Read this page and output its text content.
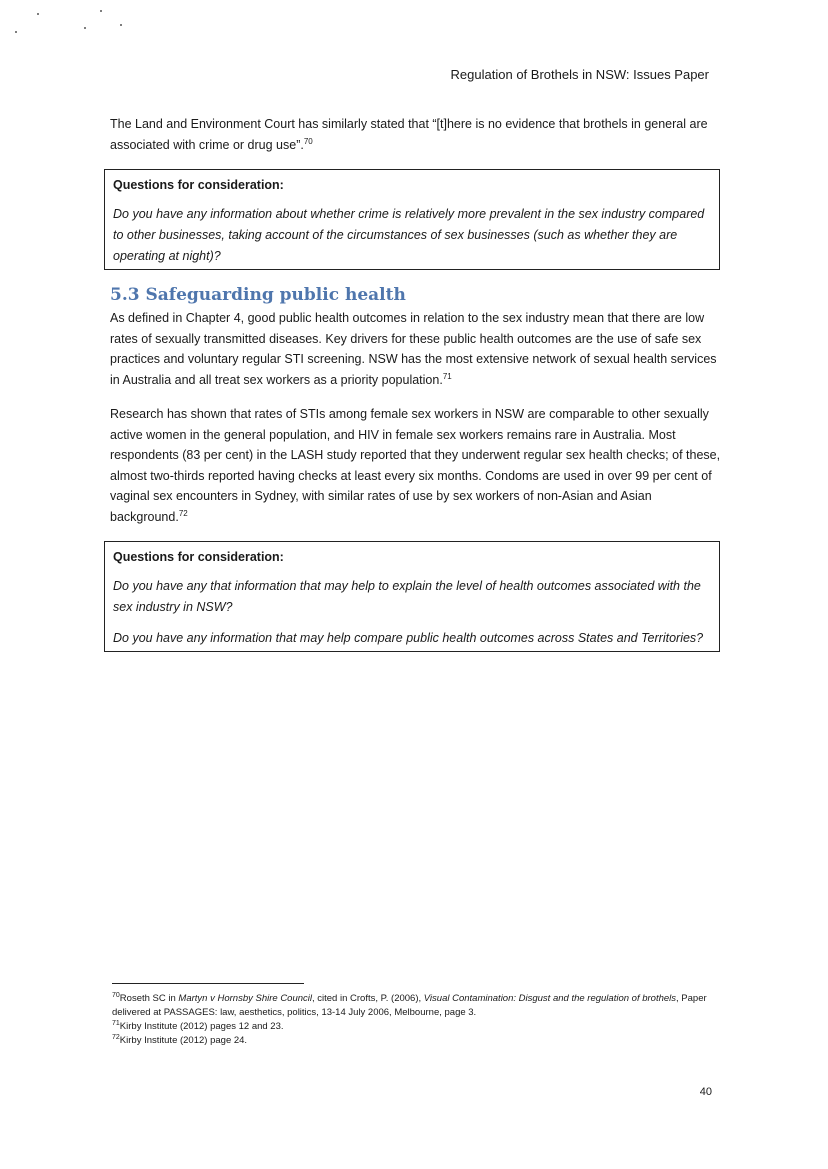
Regulation of Brothels in NSW: Issues Paper

The Land and Environment Court has similarly stated that “[t]here is no evidence that brothels in general are associated with crime or drug use”.$^{70}$

Questions for consideration:
Do you have any information about whether crime is relatively more prevalent in the sex industry compared to other businesses, taking account of the circumstances of sex businesses (such as whether they are operating at night)?
5.3 Safeguarding public health

As defined in Chapter 4, good public health outcomes in relation to the sex industry mean that there are low rates of sexually transmitted diseases. Key drivers for these public health outcomes are the use of safe sex practices and voluntary regular STI screening. NSW has the most extensive network of sexual health services in Australia and all treat sex workers as a priority population.$^{71}$

Research has shown that rates of STIs among female sex workers in NSW are comparable to other sexually active women in the general population, and HIV in female sex workers remains rare in Australia. Most respondents (83 per cent) in the LASH study reported that they underwent regular sex health checks; of these, almost two-thirds reported having checks at least every six months. Condoms are used in over 99 per cent of vaginal sex encounters in Sydney, with similar rates of use by sex workers of non-Asian and Asian background.$^{72}$

Questions for consideration:
Do you have any that information that may help to explain the level of health outcomes associated with the sex industry in NSW?
Do you have any information that may help compare public health outcomes across States and Territories?

$^{70}$Roseth SC in Martyn v Hornsby Shire Council, cited in Crofts, P. (2006), Visual Contamination: Disgust and the regulation of brothels, Paper delivered at PASSAGES: law, aesthetics, politics, 13-14 July 2006, Melbourne, page 3.

$^{71}$Kirby Institute (2012) pages 12 and 23.

$^{72}$Kirby Institute (2012) page 24.

40
